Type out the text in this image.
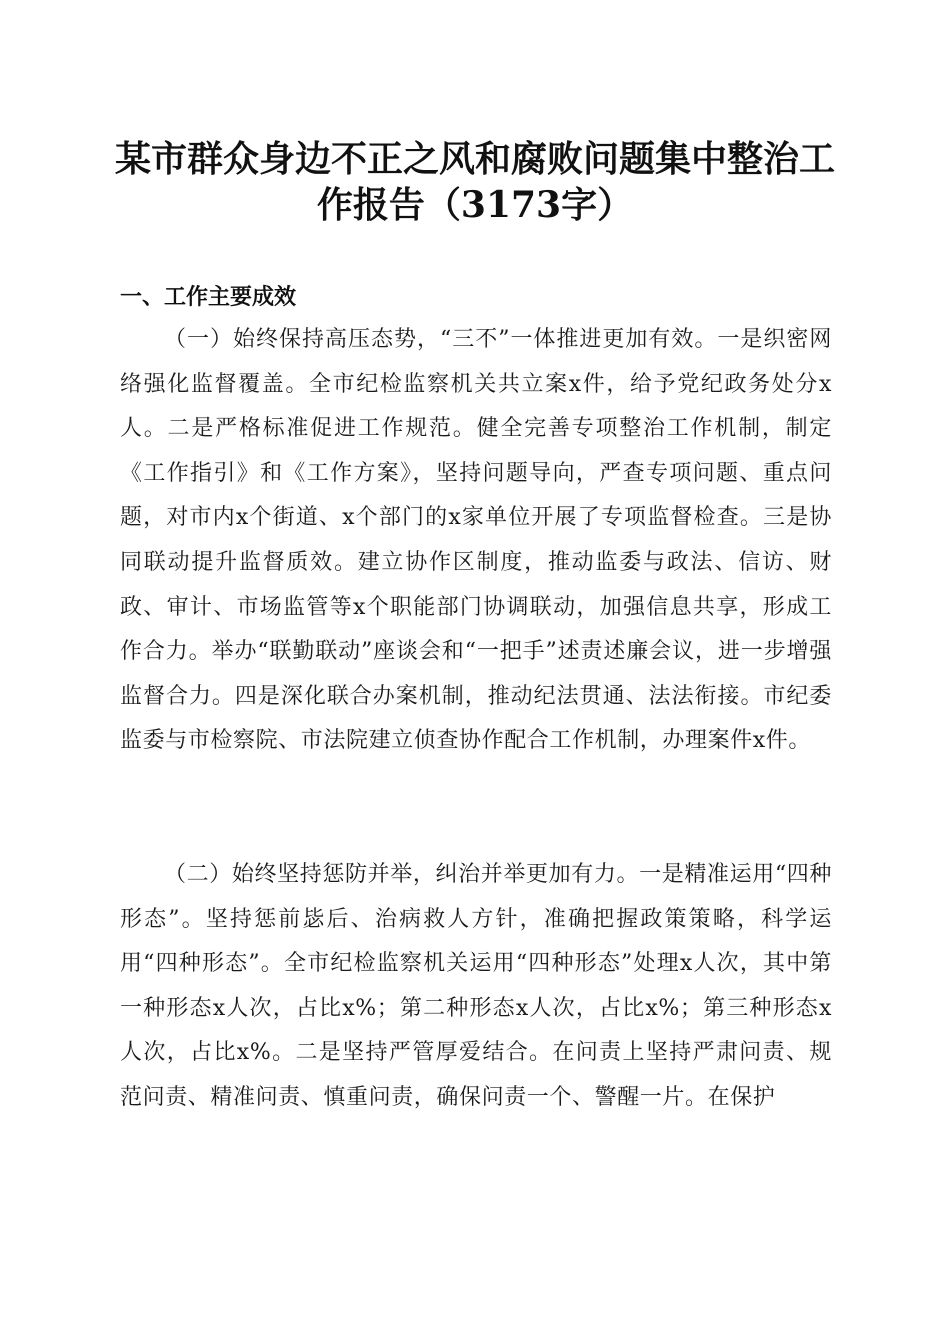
某市群众身边不正之风和腐败问题集中整治工
作报告（3173字）
一、工作主要成效

（一）始终保持高压态势，“三不”一体推进更加有效。一是织密网络强化监督覆盖。全市纪检监察机关共立案x件，给予党纪政务处分x人。二是严格标准促进工作规范。健全完善专项整治工作机制，制定《工作指引》和《工作方案》，坚持问题导向，严查专项问题、重点问题，对市内x个街道、x个部门的x家单位开展了专项监督检查。三是协同联动提升监督质效。建立协作区制度，推动监委与政法、信访、财政、审计、市场监管等x个职能部门协调联动，加强信息共享，形成工作合力。举办“联勤联动”座谈会和“一把手”述责述廉会议，进一步增强监督合力。四是深化联合办案机制，推动纪法贯通、法法衔接。市纪委监委与市检察院、市法院建立侦查协作配合工作机制，办理案件x件。

（二）始终坚持惩防并举，纠治并举更加有力。一是精准运用“四种形态”。坚持惩前毖后、治病救人方针，准确把握政策策略，科学运用“四种形态”。全市纪检监察机关运用“四种形态”处理x人次，其中第一种形态x人次，占比x%；第二种形态x人次，占比x%；第三种形态x人次，占比x%。二是坚持严管厚爱结合。在问责上坚持严肃问责、规范问责、精准问责、慎重问责，确保问责一个、警醒一片。在保护
